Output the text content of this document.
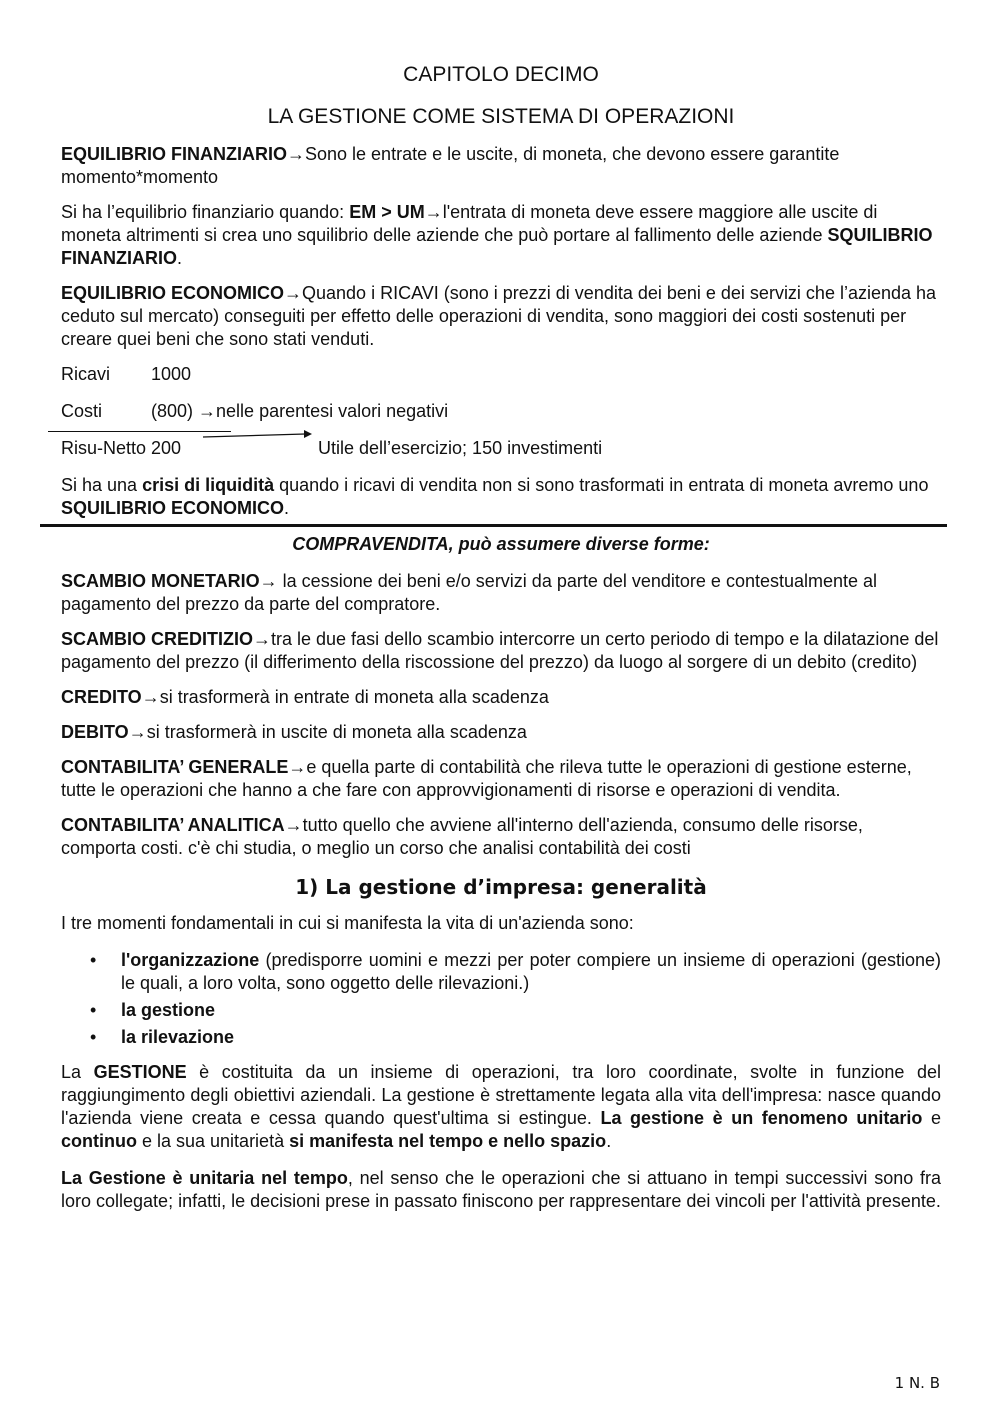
CAPITOLO DECIMO
LA GESTIONE COME SISTEMA DI OPERAZIONI

EQUILIBRIO FINANZIARIO→Sono le entrate e le uscite, di moneta, che devono essere garantite momento*momento

Si ha l’equilibrio finanziario quando: EM > UM→l'entrata di moneta deve essere maggiore alle uscite di moneta altrimenti si crea uno squilibrio delle aziende che può portare al fallimento delle aziende SQUILIBRIO FINANZIARIO.

EQUILIBRIO ECONOMICO→Quando i RICAVI (sono i prezzi di vendita dei beni e dei servizi che l’azienda ha ceduto sul mercato) conseguiti per effetto delle operazioni di vendita, sono maggiori dei costi sostenuti per creare quei beni che sono stati venduti.

Ricavi	1000
Costi	(800) →nelle parentesi valori negativi
Risu-Netto 200	Utile dell’esercizio; 150 investimenti

Si ha una crisi di liquidità quando i ricavi di vendita non si sono trasformati in entrata di moneta avremo uno SQUILIBRIO ECONOMICO.

COMPRAVENDITA, può assumere diverse forme:

SCAMBIO MONETARIO→ la cessione dei beni e/o servizi da parte del venditore e contestualmente al pagamento del prezzo da parte del compratore.

SCAMBIO CREDITIZIO→tra le due fasi dello scambio intercorre un certo periodo di tempo e la dilatazione del pagamento del prezzo (il differimento della riscossione del prezzo) da luogo al sorgere di un debito (credito)

CREDITO→si trasformerà in entrate di moneta alla scadenza

DEBITO→si trasformerà in uscite di moneta alla scadenza

CONTABILITA’ GENERALE→e quella parte di contabilità che rileva tutte le operazioni di gestione esterne, tutte le operazioni che hanno a che fare con approvvigionamenti di risorse e operazioni di vendita.

CONTABILITA’ ANALITICA→tutto quello che avviene all'interno dell'azienda, consumo delle risorse, comporta costi. c'è chi studia, o meglio un corso che analisi contabilità dei costi

1) La gestione d’impresa: generalità

I tre momenti fondamentali in cui si manifesta la vita di un'azienda sono:

• l'organizzazione (predisporre uomini e mezzi per poter compiere un insieme di operazioni (gestione) le quali, a loro volta, sono oggetto delle rilevazioni.)
• la gestione
• la rilevazione

La GESTIONE è costituita da un insieme di operazioni, tra loro coordinate, svolte in funzione del raggiungimento degli obiettivi aziendali. La gestione è strettamente legata alla vita dell'impresa: nasce quando l'azienda viene creata e cessa quando quest'ultima si estingue. La gestione è un fenomeno unitario e continuo e la sua unitarietà si manifesta nel tempo e nello spazio.

La Gestione è unitaria nel tempo, nel senso che le operazioni che si attuano in tempi successivi sono fra loro collegate; infatti, le decisioni prese in passato finiscono per rappresentare dei vincoli per l'attività presente.

1 N. B
